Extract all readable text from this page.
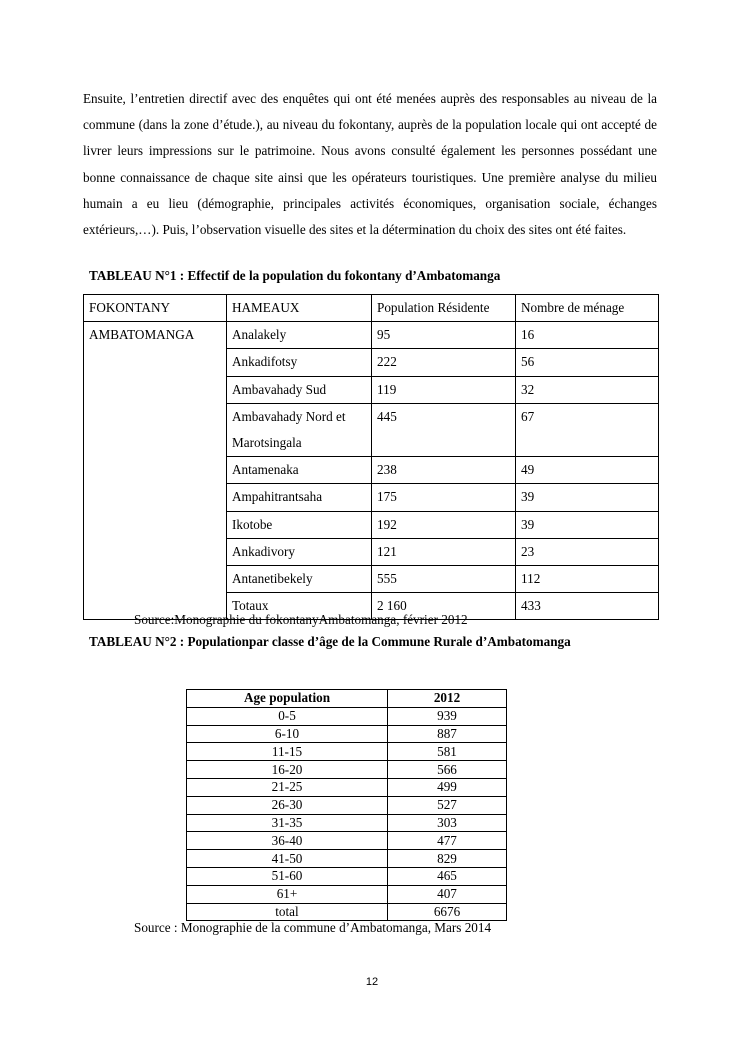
Ensuite, l’entretien directif avec des enquêtes qui ont été menées auprès des responsables au niveau de la commune (dans la zone d’étude.), au niveau du fokontany, auprès de la population locale qui ont accepté de livrer leurs impressions sur le patrimoine. Nous avons consulté également les personnes possédant une bonne connaissance de chaque site ainsi que les opérateurs touristiques. Une première analyse du milieu humain a eu lieu (démographie, principales activités économiques, organisation sociale, échanges extérieurs,…). Puis, l’observation visuelle des sites et la détermination du choix des sites ont été faites.

TABLEAU N°1 : Effectif de la population du fokontany d’Ambatomanga

FOKONTANY	HAMEAUX	Population Résidente	Nombre de ménage
AMBATOMANGA	Analakely	95	16
	Ankadifotsy	222	56
	Ambavahady Sud	119	32
	Ambavahady Nord et Marotsingala	445	67
	Antamenaka	238	49
	Ampahitrantsaha	175	39
	Ikotobe	192	39
	Ankadivory	121	23
	Antanetibekely	555	112
	Totaux	2 160	433

Source:Monographie du fokontanyAmbatomanga, février 2012

TABLEAU N°2 : Populationpar classe d’âge de la Commune Rurale d’Ambatomanga

Age population	2012
0-5	939
6-10	887
11-15	581
16-20	566
21-25	499
26-30	527
31-35	303
36-40	477
41-50	829
51-60	465
61+	407
total	6676

Source : Monographie de la commune d’Ambatomanga, Mars 2014

12
